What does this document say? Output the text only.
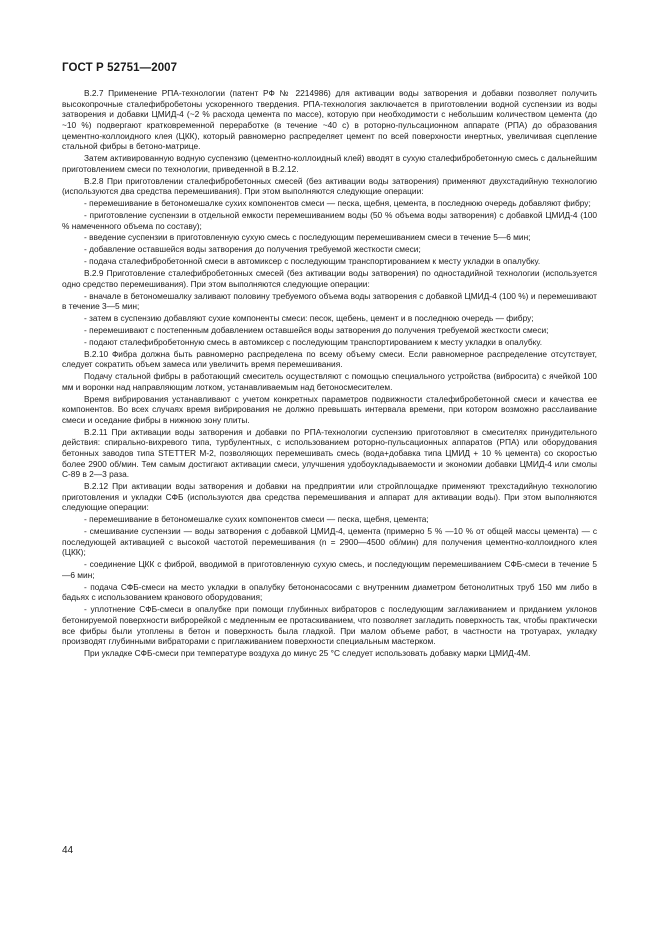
ГОСТ Р 52751—2007

В.2.7 Применение РПА-технологии (патент РФ № 2214986) для активации воды затворения и добавки позволяет получить высокопрочные сталефибробетоны ускоренного твердения. РПА-технология заключается в приготовлении водной суспензии из воды затворения и добавки ЦМИД-4 (~2 % расхода цемента по массе), которую при необходимости с небольшим количеством цемента (до ~10 %) подвергают кратковременной переработке (в течение ~40 с) в роторно-пульсационном аппарате (РПА) до образования цементно-коллоидного клея (ЦКК), который равномерно распределяет цемент по всей поверхности инертных, увеличивая сцепление стальной фибры в бетоно-матрице.

Затем активированную водную суспензию (цементно-коллоидный клей) вводят в сухую сталефибробетонную смесь с дальнейшим приготовлением смеси по технологии, приведенной в В.2.12.

В.2.8 При приготовлении сталефибробетонных смесей (без активации воды затворения) применяют двухстадийную технологию (используются два средства перемешивания). При этом выполняются следующие операции:

- перемешивание в бетономешалке сухих компонентов смеси — песка, щебня, цемента, в последнюю очередь добавляют фибру;

- приготовление суспензии в отдельной емкости перемешиванием воды (50 % объема воды затворения) с добавкой ЦМИД-4 (100 % намеченного объема по составу);

- введение суспензии в приготовленную сухую смесь с последующим перемешиванием смеси в течение 5—6 мин;

- добавление оставшейся воды затворения до получения требуемой жесткости смеси;

- подача сталефибробетонной смеси в автомиксер с последующим транспортированием к месту укладки в опалубку.

В.2.9 Приготовление сталефибробетонных смесей (без активации воды затворения) по одностадийной технологии (используется одно средство перемешивания). При этом выполняются следующие операции:

- вначале в бетономешалку заливают половину требуемого объема воды затворения с добавкой ЦМИД-4 (100 %) и перемешивают в течение 3—5 мин;

- затем в суспензию добавляют сухие компоненты смеси: песок, щебень, цемент и в последнюю очередь — фибру;

- перемешивают с постепенным добавлением оставшейся воды затворения до получения требуемой жесткости смеси;

- подают сталефибробетонную смесь в автомиксер с последующим транспортированием к месту укладки в опалубку.

В.2.10 Фибра должна быть равномерно распределена по всему объему смеси. Если равномерное распределение отсутствует, следует сократить объем замеса или увеличить время перемешивания.

Подачу стальной фибры в работающий смеситель осуществляют с помощью специального устройства (вибросита) с ячейкой 100 мм и воронки над направляющим лотком, устанавливаемым над бетоносмесителем.

Время вибрирования устанавливают с учетом конкретных параметров подвижности сталефибробетонной смеси и качества ее компонентов. Во всех случаях время вибрирования не должно превышать интервала времени, при котором возможно расслаивание смеси и оседание фибры в нижнюю зону плиты.

В.2.11 При активации воды затворения и добавки по РПА-технологии суспензию приготовляют в смесителях принудительного действия: спирально-вихревого типа, турбулентных, с использованием роторно-пульсационных аппаратов (РПА) или оборудования бетонных заводов типа STETTER M-2, позволяющих перемешивать смесь (вода+добавка типа ЦМИД + 10 % цемента) со скоростью более 2900 об/мин. Тем самым достигают активации смеси, улучшения удобоукладываемости и экономии добавки ЦМИД-4 или смолы С-89 в 2—3 раза.

В.2.12 При активации воды затворения и добавки на предприятии или стройплощадке применяют трехстадийную технологию приготовления и укладки СФБ (используются два средства перемешивания и аппарат для активации воды). При этом выполняются следующие операции:

- перемешивание в бетономешалке сухих компонентов смеси — песка, щебня, цемента;

- смешивание суспензии — воды затворения с добавкой ЦМИД-4, цемента (примерно 5 % —10 % от общей массы цемента) — с последующей активацией с высокой частотой перемешивания (n = 2900—4500 об/мин) для получения цементно-коллоидного клея (ЦКК);

- соединение ЦКК с фиброй, вводимой в приготовленную сухую смесь, и последующим перемешиванием СФБ-смеси в течение 5—6 мин;

- подача СФБ-смеси на место укладки в опалубку бетононасосами с внутренним диаметром бетонолитных труб 150 мм либо в бадьях с использованием кранового оборудования;

- уплотнение СФБ-смеси в опалубке при помощи глубинных вибраторов с последующим заглаживанием и приданием уклонов бетонируемой поверхности виброрейкой с медленным ее протаскиванием, что позволяет загладить поверхность так, чтобы практически все фибры были утоплены в бетон и поверхность была гладкой. При малом объеме работ, в частности на тротуарах, укладку производят глубинными вибраторами с приглаживанием поверхности специальным мастерком.

При укладке СФБ-смеси при температуре воздуха до минус 25 °С следует использовать добавку марки ЦМИД-4М.

44
